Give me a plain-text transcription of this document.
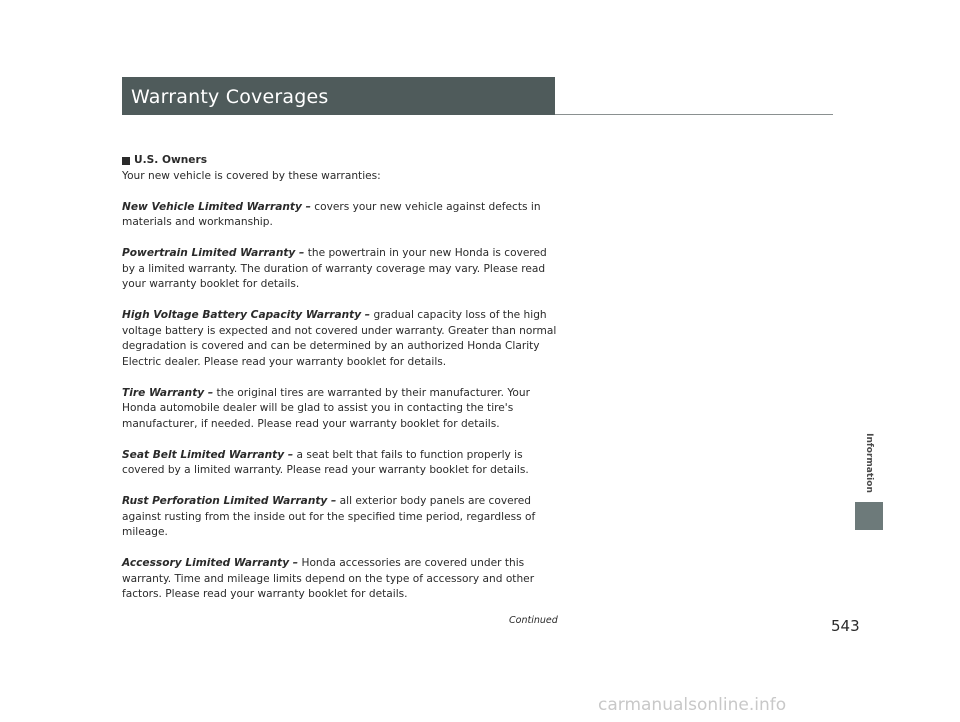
Warranty Coverages
U.S. Owners

Your new vehicle is covered by these warranties:

New Vehicle Limited Warranty – covers your new vehicle against defects in materials and workmanship.

Powertrain Limited Warranty – the powertrain in your new Honda is covered by a limited warranty. The duration of warranty coverage may vary. Please read your warranty booklet for details.

High Voltage Battery Capacity Warranty – gradual capacity loss of the high voltage battery is expected and not covered under warranty. Greater than normal degradation is covered and can be determined by an authorized Honda Clarity Electric dealer. Please read your warranty booklet for details.

Tire Warranty – the original tires are warranted by their manufacturer. Your Honda automobile dealer will be glad to assist you in contacting the tire's manufacturer, if needed. Please read your warranty booklet for details.

Seat Belt Limited Warranty – a seat belt that fails to function properly is covered by a limited warranty. Please read your warranty booklet for details.

Rust Perforation Limited Warranty – all exterior body panels are covered against rusting from the inside out for the specified time period, regardless of mileage.

Accessory Limited Warranty – Honda accessories are covered under this warranty. Time and mileage limits depend on the type of accessory and other factors. Please read your warranty booklet for details.

Information
Continued	543
carmanualsonline.info
